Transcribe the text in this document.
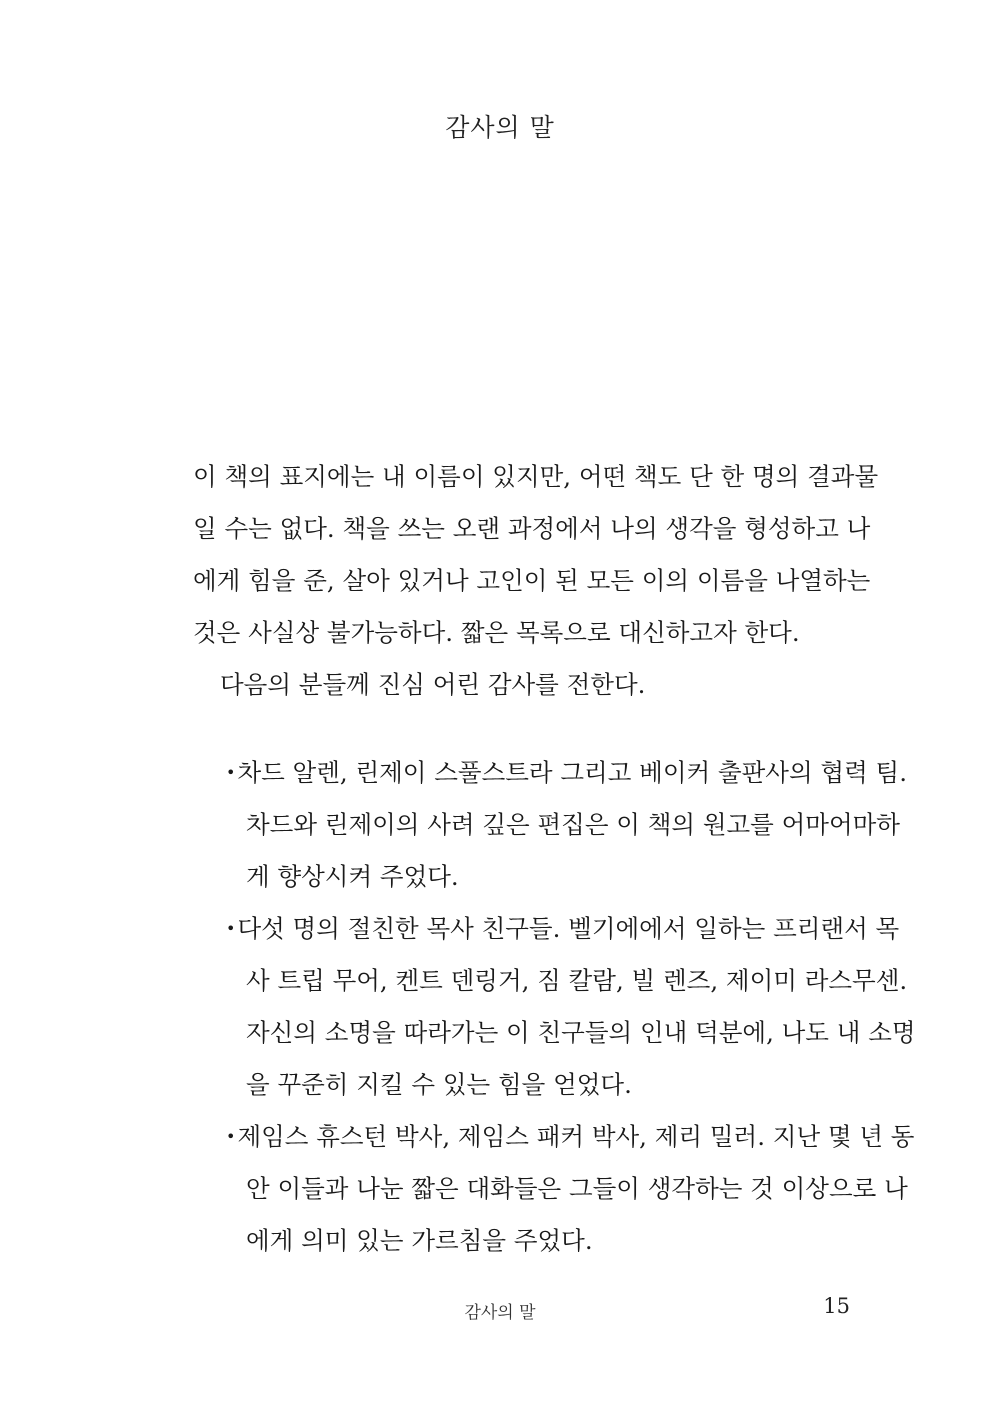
감사의 말
이 책의 표지에는 내 이름이 있지만, 어떤 책도 단 한 명의 결과물
일 수는 없다. 책을 쓰는 오랜 과정에서 나의 생각을 형성하고 나
에게 힘을 준, 살아 있거나 고인이 된 모든 이의 이름을 나열하는
것은 사실상 불가능하다. 짧은 목록으로 대신하고자 한다.
다음의 분들께 진심 어린 감사를 전한다.
•차드 알렌, 린제이 스풀스트라 그리고 베이커 출판사의 협력 팀.
차드와 린제이의 사려 깊은 편집은 이 책의 원고를 어마어마하
게 향상시켜 주었다.
•다섯 명의 절친한 목사 친구들. 벨기에에서 일하는 프리랜서 목
사 트립 무어, 켄트 덴링거, 짐 칼람, 빌 렌즈, 제이미 라스무센.
자신의 소명을 따라가는 이 친구들의 인내 덕분에, 나도 내 소명
을 꾸준히 지킬 수 있는 힘을 얻었다.
•제임스 휴스턴 박사, 제임스 패커 박사, 제리 밀러. 지난 몇 년 동
안 이들과 나눈 짧은 대화들은 그들이 생각하는 것 이상으로 나
에게 의미 있는 가르침을 주었다.
감사의 말	15
